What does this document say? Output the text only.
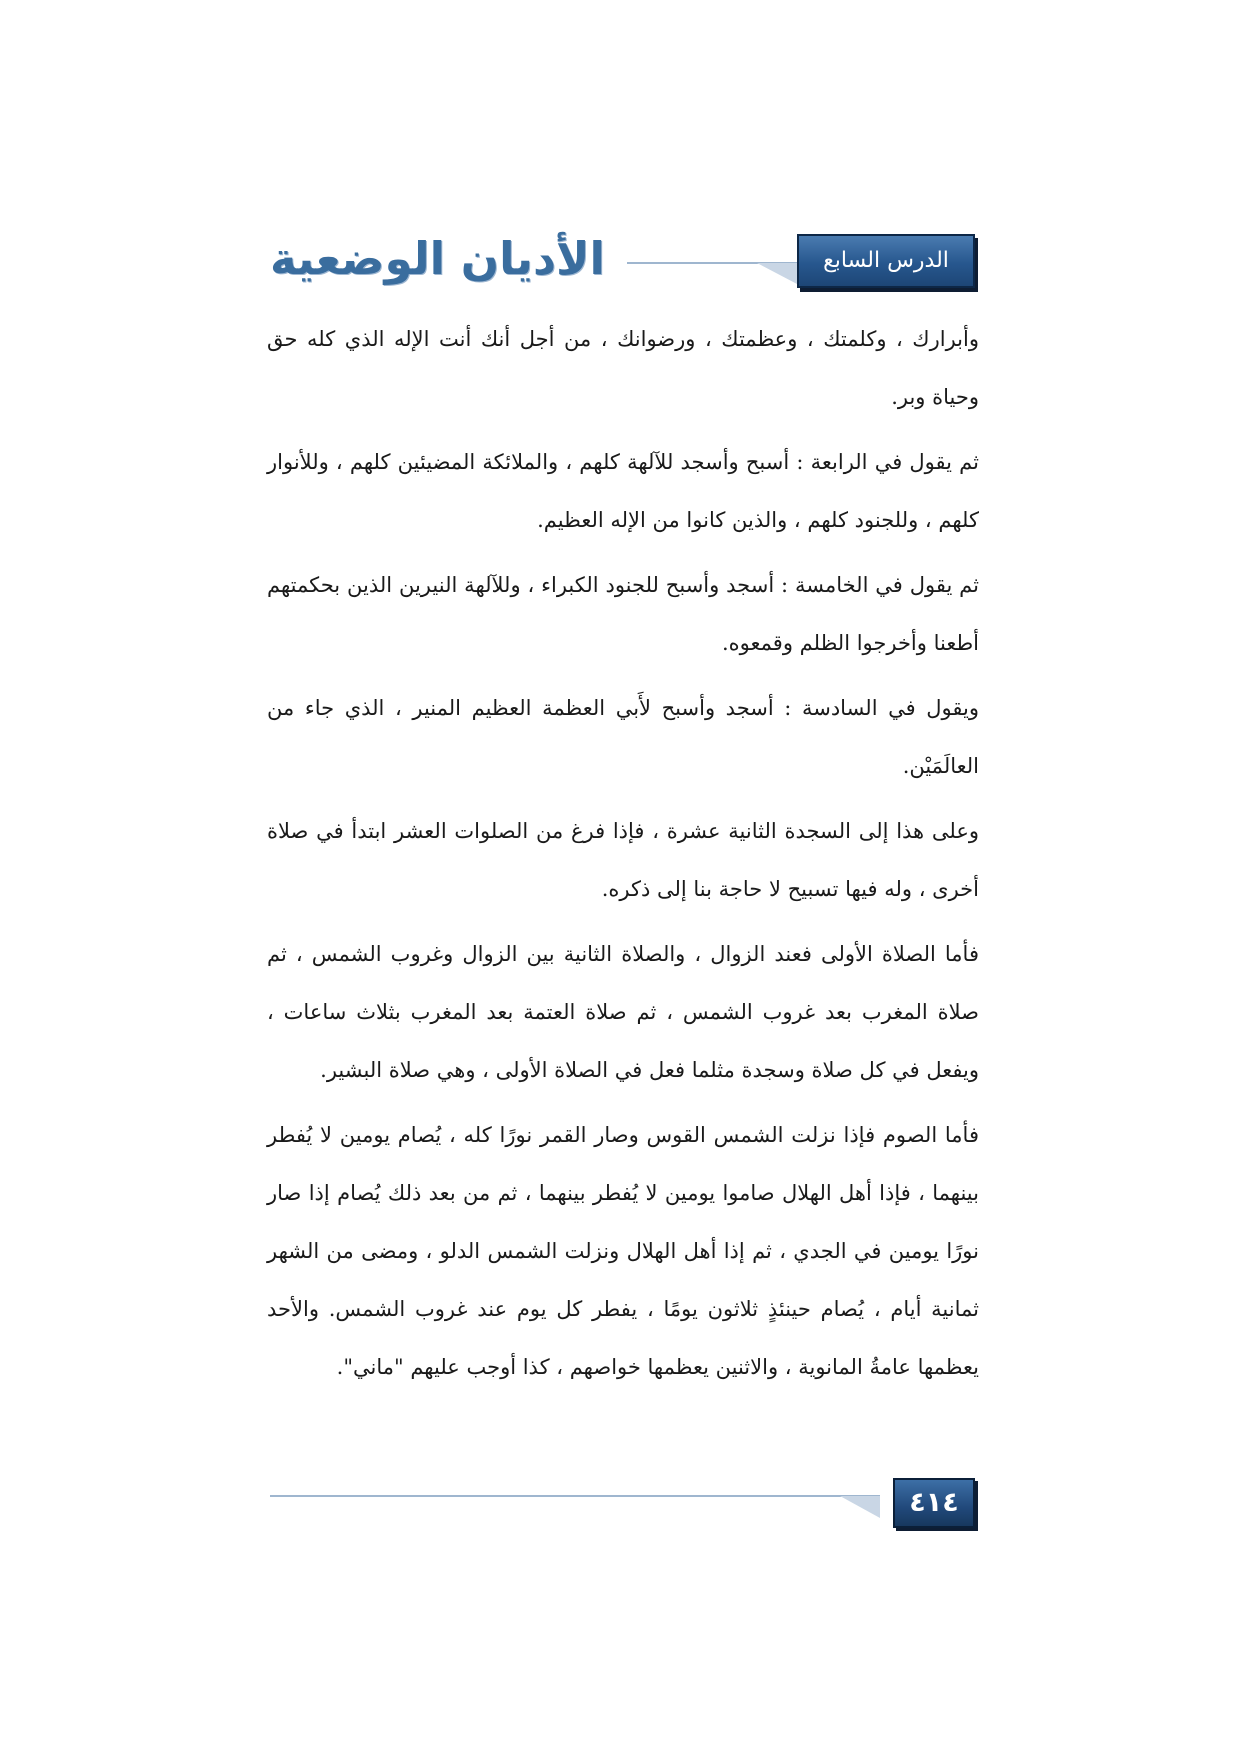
الأديان الوضعية	الدرس السابع عشر

وأبرارك ، وكلمتك ، وعظمتك ، ورضوانك ، من أجل أنك أنت الإله الذي كله حق وحياة وبر.

ثم يقول في الرابعة : أسبح وأسجد للآلهة كلهم ، والملائكة المضيئين كلهم ، وللأنوار كلهم ، وللجنود كلهم ، والذين كانوا من الإله العظيم.

ثم يقول في الخامسة : أسجد وأسبح للجنود الكبراء ، وللآلهة النيرين الذين بحكمتهم أطعنا وأخرجوا الظلم وقمعوه.

ويقول في السادسة : أسجد وأسبح لأَبي العظمة العظيم المنير ، الذي جاء من العالَمَيْن.

وعلى هذا إلى السجدة الثانية عشرة ، فإذا فرغ من الصلوات العشر ابتدأ في صلاة أخرى ، وله فيها تسبيح لا حاجة بنا إلى ذكره.

فأما الصلاة الأولى فعند الزوال ، والصلاة الثانية بين الزوال وغروب الشمس ، ثم صلاة المغرب بعد غروب الشمس ، ثم صلاة العتمة بعد المغرب بثلاث ساعات ، ويفعل في كل صلاة وسجدة مثلما فعل في الصلاة الأولى ، وهي صلاة البشير.

فأما الصوم فإذا نزلت الشمس القوس وصار القمر نورًا كله ، يُصام يومين لا يُفطر بينهما ، فإذا أهل الهلال صاموا يومين لا يُفطر بينهما ، ثم من بعد ذلك يُصام إذا صار نورًا يومين في الجدي ، ثم إذا أهل الهلال ونزلت الشمس الدلو ، ومضى من الشهر ثمانية أيام ، يُصام حينئذٍ ثلاثون يومًا ، يفطر كل يوم عند غروب الشمس. والأحد يعظمها عامةُ المانوية ، والاثنين يعظمها خواصهم ، كذا أوجب عليهم "ماني".

٤١٤
